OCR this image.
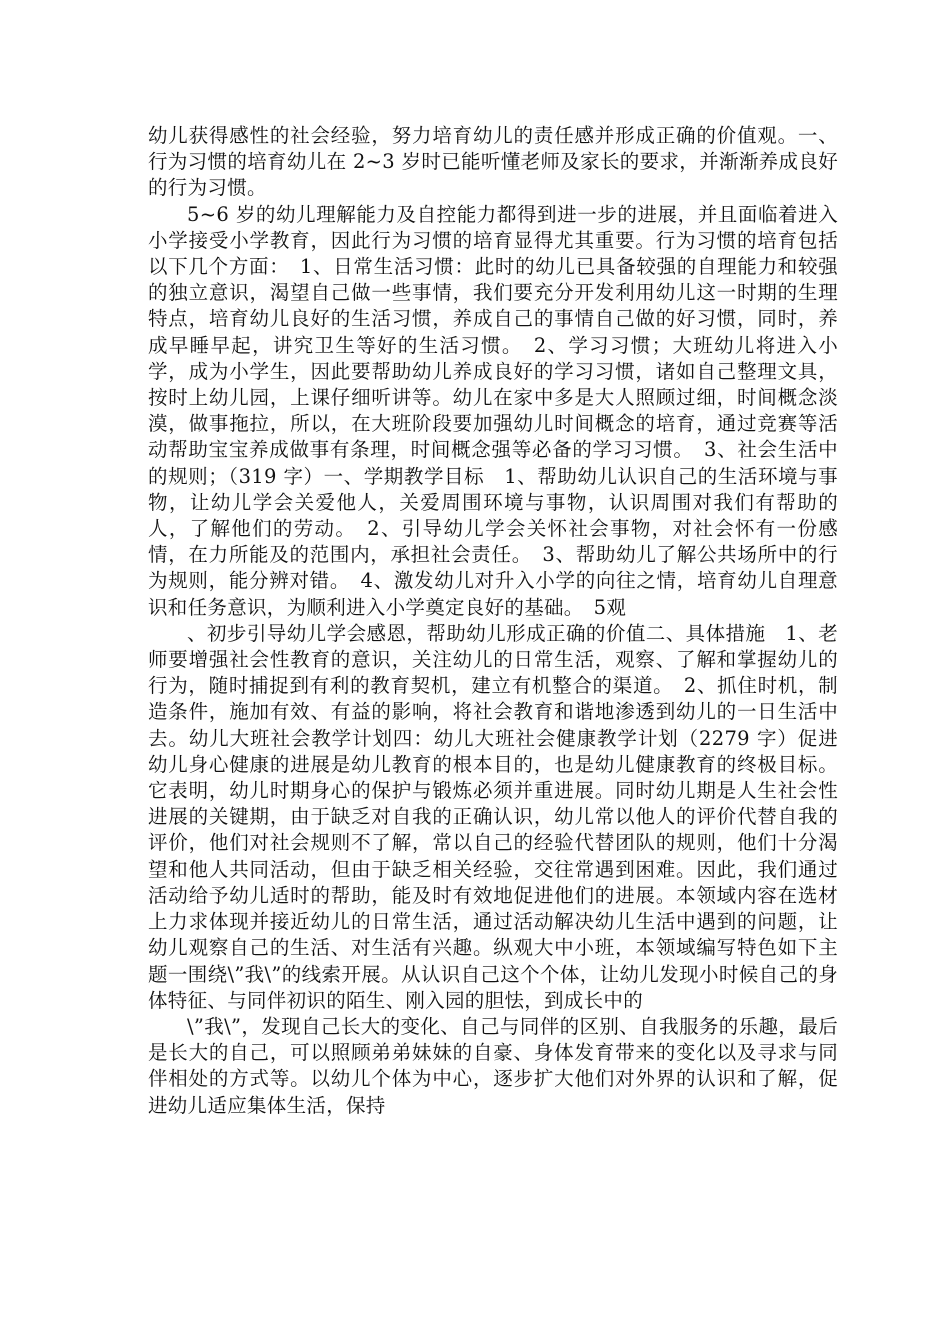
幼儿获得感性的社会经验，努力培育幼儿的责任感并形成正确的价值观。一、行为习惯的培育幼儿在 2~3 岁时已能听懂老师及家长的要求，并渐渐养成良好的行为习惯。

5~6 岁的幼儿理解能力及自控能力都得到进一步的进展，并且面临着进入小学接受小学教育，因此行为习惯的培育显得尤其重要。行为习惯的培育包括以下几个方面：　1、日常生活习惯：此时的幼儿已具备较强的自理能力和较强的独立意识，渴望自己做一些事情，我们要充分开发利用幼儿这一时期的生理特点，培育幼儿良好的生活习惯，养成自己的事情自己做的好习惯，同时，养成早睡早起，讲究卫生等好的生活习惯。　2、学习习惯；大班幼儿将进入小学，成为小学生，因此要帮助幼儿养成良好的学习习惯，诸如自己整理文具，按时上幼儿园，上课仔细听讲等。幼儿在家中多是大人照顾过细，时间概念淡漠，做事拖拉，所以，在大班阶段要加强幼儿时间概念的培育，通过竞赛等活动帮助宝宝养成做事有条理，时间概念强等必备的学习习惯。　3、社会生活中的规则；（319 字）一、学期教学目标　1、帮助幼儿认识自己的生活环境与事物，让幼儿学会关爱他人，关爱周围环境与事物，认识周围对我们有帮助的人，了解他们的劳动。　2、引导幼儿学会关怀社会事物，对社会怀有一份感情，在力所能及的范围内，承担社会责任。　3、帮助幼儿了解公共场所中的行为规则，能分辨对错。　4、激发幼儿对升入小学的向往之情，培育幼儿自理意识和任务意识，为顺利进入小学奠定良好的基础。　5观

、初步引导幼儿学会感恩，帮助幼儿形成正确的价值二、具体措施　1、老师要增强社会性教育的意识，关注幼儿的日常生活，观察、了解和掌握幼儿的行为，随时捕捉到有利的教育契机，建立有机整合的渠道。　2、抓住时机，制造条件，施加有效、有益的影响，将社会教育和谐地渗透到幼儿的一日生活中去。幼儿大班社会教学计划四：幼儿大班社会健康教学计划（2279 字）促进幼儿身心健康的进展是幼儿教育的根本目的，也是幼儿健康教育的终极目标。它表明，幼儿时期身心的保护与锻炼必须并重进展。同时幼儿期是人生社会性进展的关键期，由于缺乏对自我的正确认识，幼儿常以他人的评价代替自我的评价，他们对社会规则不了解，常以自己的经验代替团队的规则，他们十分渴望和他人共同活动，但由于缺乏相关经验，交往常遇到困难。因此，我们通过活动给予幼儿适时的帮助，能及时有效地促进他们的进展。本领域内容在选材上力求体现并接近幼儿的日常生活，通过活动解决幼儿生活中遇到的问题，让幼儿观察自己的生活、对生活有兴趣。纵观大中小班，本领域编写特色如下主题一围绕\”我\”的线索开展。从认识自己这个个体，让幼儿发现小时候自己的身体特征、与同伴初识的陌生、刚入园的胆怯，到成长中的

\”我\”，发现自己长大的变化、自己与同伴的区别、自我服务的乐趣，最后是长大的自己，可以照顾弟弟妹妹的自豪、身体发育带来的变化以及寻求与同伴相处的方式等。以幼儿个体为中心，逐步扩大他们对外界的认识和了解，促进幼儿适应集体生活，保持
